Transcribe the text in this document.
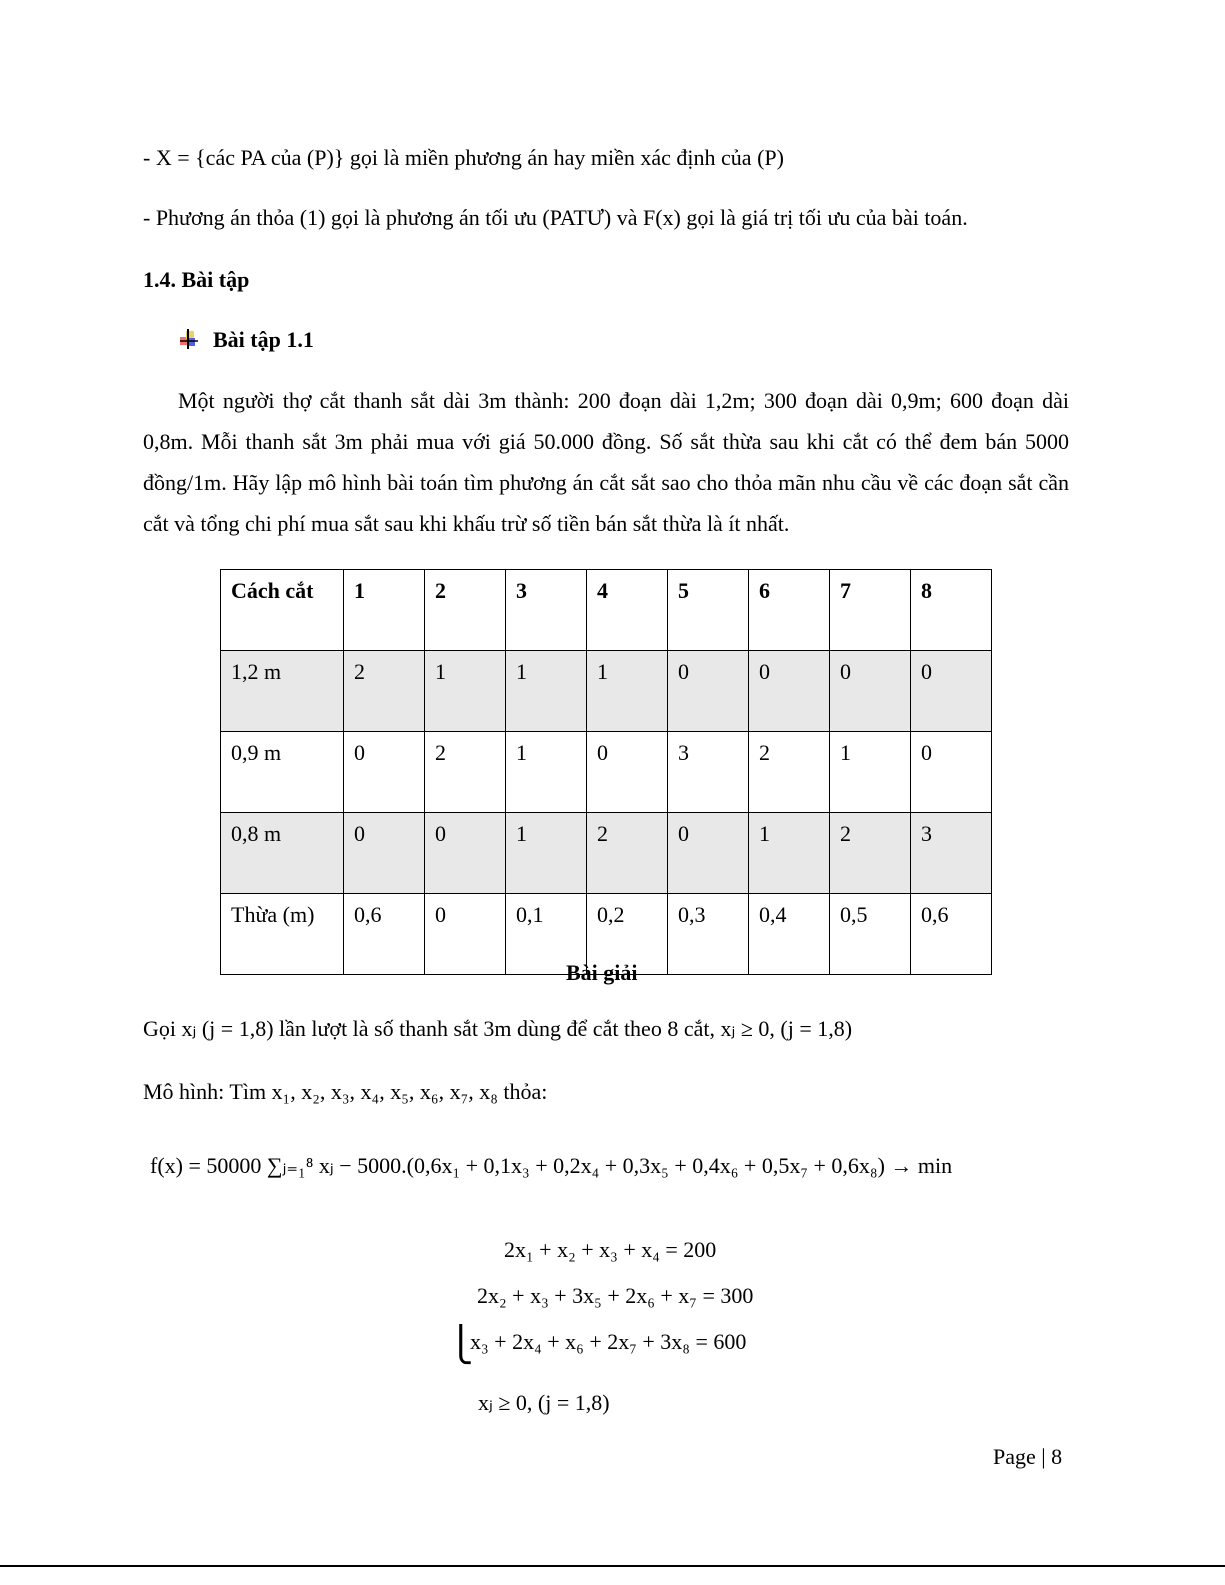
- X = {các PA của (P)} gọi là miền phương án hay miền xác định của (P)
- Phương án thỏa (1) gọi là phương án tối ưu (PATƯ) và F(x) gọi là giá trị tối ưu của bài toán.
1.4. Bài tập
Bài tập 1.1
Một người thợ cắt thanh sắt dài 3m thành: 200 đoạn dài 1,2m; 300 đoạn dài 0,9m; 600 đoạn dài 0,8m. Mỗi thanh sắt 3m phải mua với giá 50.000 đồng. Số sắt thừa sau khi cắt có thể đem bán 5000 đồng/1m. Hãy lập mô hình bài toán tìm phương án cắt sắt sao cho thỏa mãn nhu cầu về các đoạn sắt cần cắt và tổng chi phí mua sắt sau khi khấu trừ số tiền bán sắt thừa là ít nhất.
Cách cắt	1	2	3	4	5	6	7	8
1,2 m	2	1	1	1	0	0	0	0
0,9 m	0	2	1	0	3	2	1	0
0,8 m	0	0	1	2	0	1	2	3
Thừa (m)	0,6	0	0,1	0,2	0,3	0,4	0,5	0,6
Bài giải
Gọi xⱼ (j = 1,8) lần lượt là số thanh sắt 3m dùng để cắt theo 8 cắt, xⱼ ≥ 0, (j = 1,8)
Mô hình: Tìm x₁, x₂, x₃, x₄, x₅, x₆, x₇, x₈ thỏa:
f(x) = 50000 ∑ⱼ₌₁⁸ xⱼ − 5000.(0,6x₁ + 0,1x₃ + 0,2x₄ + 0,3x₅ + 0,4x₆ + 0,5x₇ + 0,6x₈) → min
2x₁ + x₂ + x₃ + x₄ = 200
2x₂ + x₃ + 3x₅ + 2x₆ + x₇ = 300
⎩
x₃ + 2x₄ + x₆ + 2x₇ + 3x₈ = 600
xⱼ ≥ 0, (j = 1,8)
Page | 8
